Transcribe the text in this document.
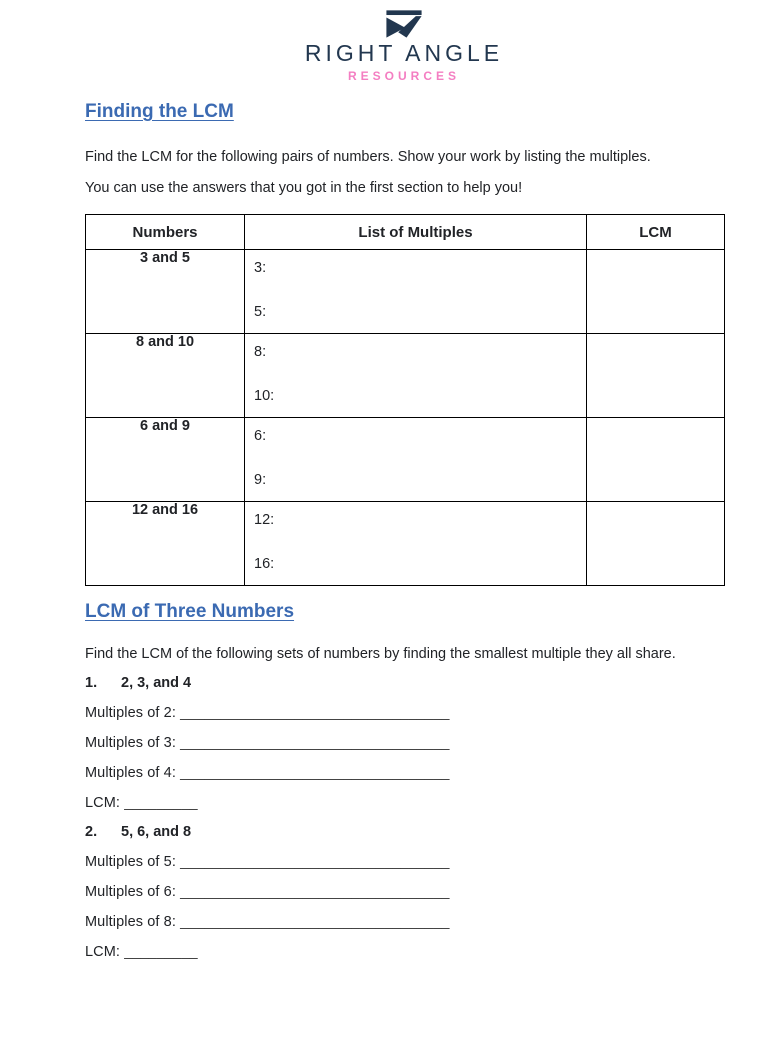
RIGHT ANGLE
RESOURCES
Finding the LCM

Find the LCM for the following pairs of numbers. Show your work by listing the multiples.

You can use the answers that you got in the first section to help you!

Numbers	List of Multiples	LCM
3 and 5	3:
5:	

8 and 10	8:
10:	

6 and 9	6:
9:	

12 and 16	12:
16:	

LCM of Three Numbers

Find the LCM of the following sets of numbers by finding the smallest multiple they all share.

1. 2, 3, and 4
Multiples of 2: _________________________________
Multiples of 3: _________________________________
Multiples of 4: _________________________________
LCM: _________
2. 5, 6, and 8
Multiples of 5: _________________________________
Multiples of 6: _________________________________
Multiples of 8: _________________________________
LCM: _________
